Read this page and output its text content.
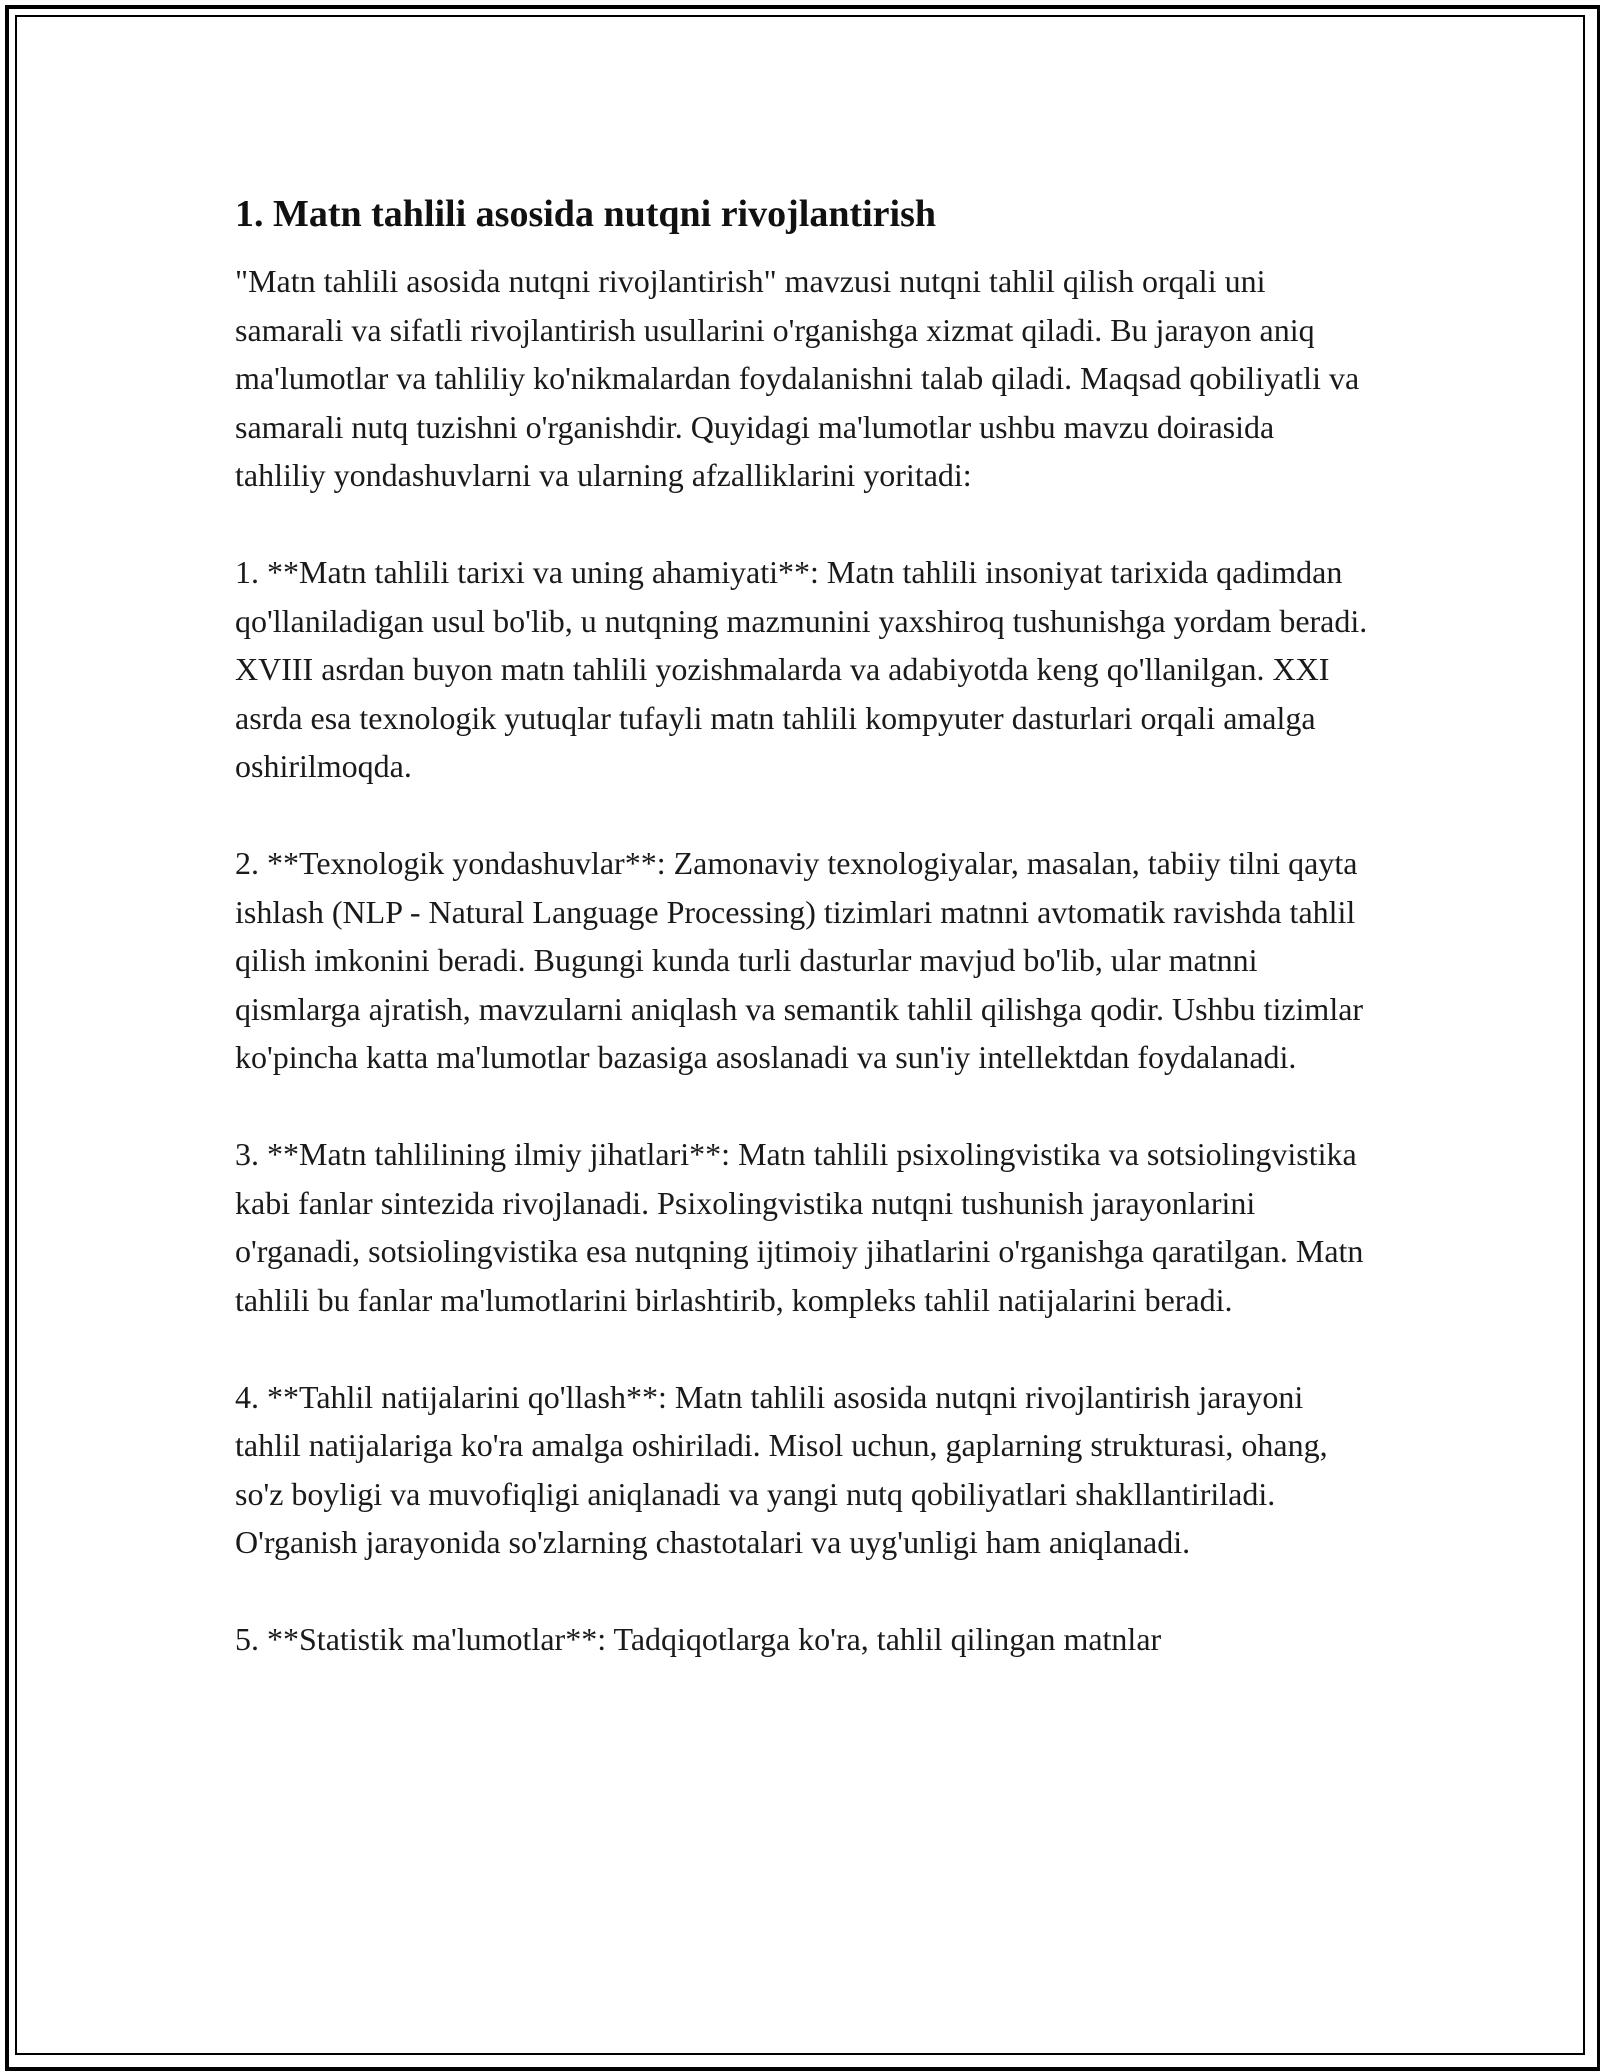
1. Matn tahlili asosida nutqni rivojlantirish

"Matn tahlili asosida nutqni rivojlantirish" mavzusi nutqni tahlil qilish orqali uni samarali va sifatli rivojlantirish usullarini o'rganishga xizmat qiladi. Bu jarayon aniq ma'lumotlar va tahliliy ko'nikmalardan foydalanishni talab qiladi. Maqsad qobiliyatli va samarali nutq tuzishni o'rganishdir. Quyidagi ma'lumotlar ushbu mavzu doirasida tahliliy yondashuvlarni va ularning afzalliklarini yoritadi:

1. **Matn tahlili tarixi va uning ahamiyati**: Matn tahlili insoniyat tarixida qadimdan qo'llaniladigan usul bo'lib, u nutqning mazmunini yaxshiroq tushunishga yordam beradi. XVIII asrdan buyon matn tahlili yozishmalarda va adabiyotda keng qo'llanilgan. XXI asrda esa texnologik yutuqlar tufayli matn tahlili kompyuter dasturlari orqali amalga oshirilmoqda.

2. **Texnologik yondashuvlar**: Zamonaviy texnologiyalar, masalan, tabiiy tilni qayta ishlash (NLP - Natural Language Processing) tizimlari matnni avtomatik ravishda tahlil qilish imkonini beradi. Bugungi kunda turli dasturlar mavjud bo'lib, ular matnni qismlarga ajratish, mavzularni aniqlash va semantik tahlil qilishga qodir. Ushbu tizimlar ko'pincha katta ma'lumotlar bazasiga asoslanadi va sun'iy intellektdan foydalanadi.

3. **Matn tahlilining ilmiy jihatlari**: Matn tahlili psixolingvistika va sotsiolingvistika kabi fanlar sintezida rivojlanadi. Psixolingvistika nutqni tushunish jarayonlarini o'rganadi, sotsiolingvistika esa nutqning ijtimoiy jihatlarini o'rganishga qaratilgan. Matn tahlili bu fanlar ma'lumotlarini birlashtirib, kompleks tahlil natijalarini beradi.

4. **Tahlil natijalarini qo'llash**: Matn tahlili asosida nutqni rivojlantirish jarayoni tahlil natijalariga ko'ra amalga oshiriladi. Misol uchun, gaplarning strukturasi, ohang, so'z boyligi va muvofiqligi aniqlanadi va yangi nutq qobiliyatlari shakllantiriladi. O'rganish jarayonida so'zlarning chastotalari va uyg'unligi ham aniqlanadi.

5. **Statistik ma'lumotlar**: Tadqiqotlarga ko'ra, tahlil qilingan matnlar
